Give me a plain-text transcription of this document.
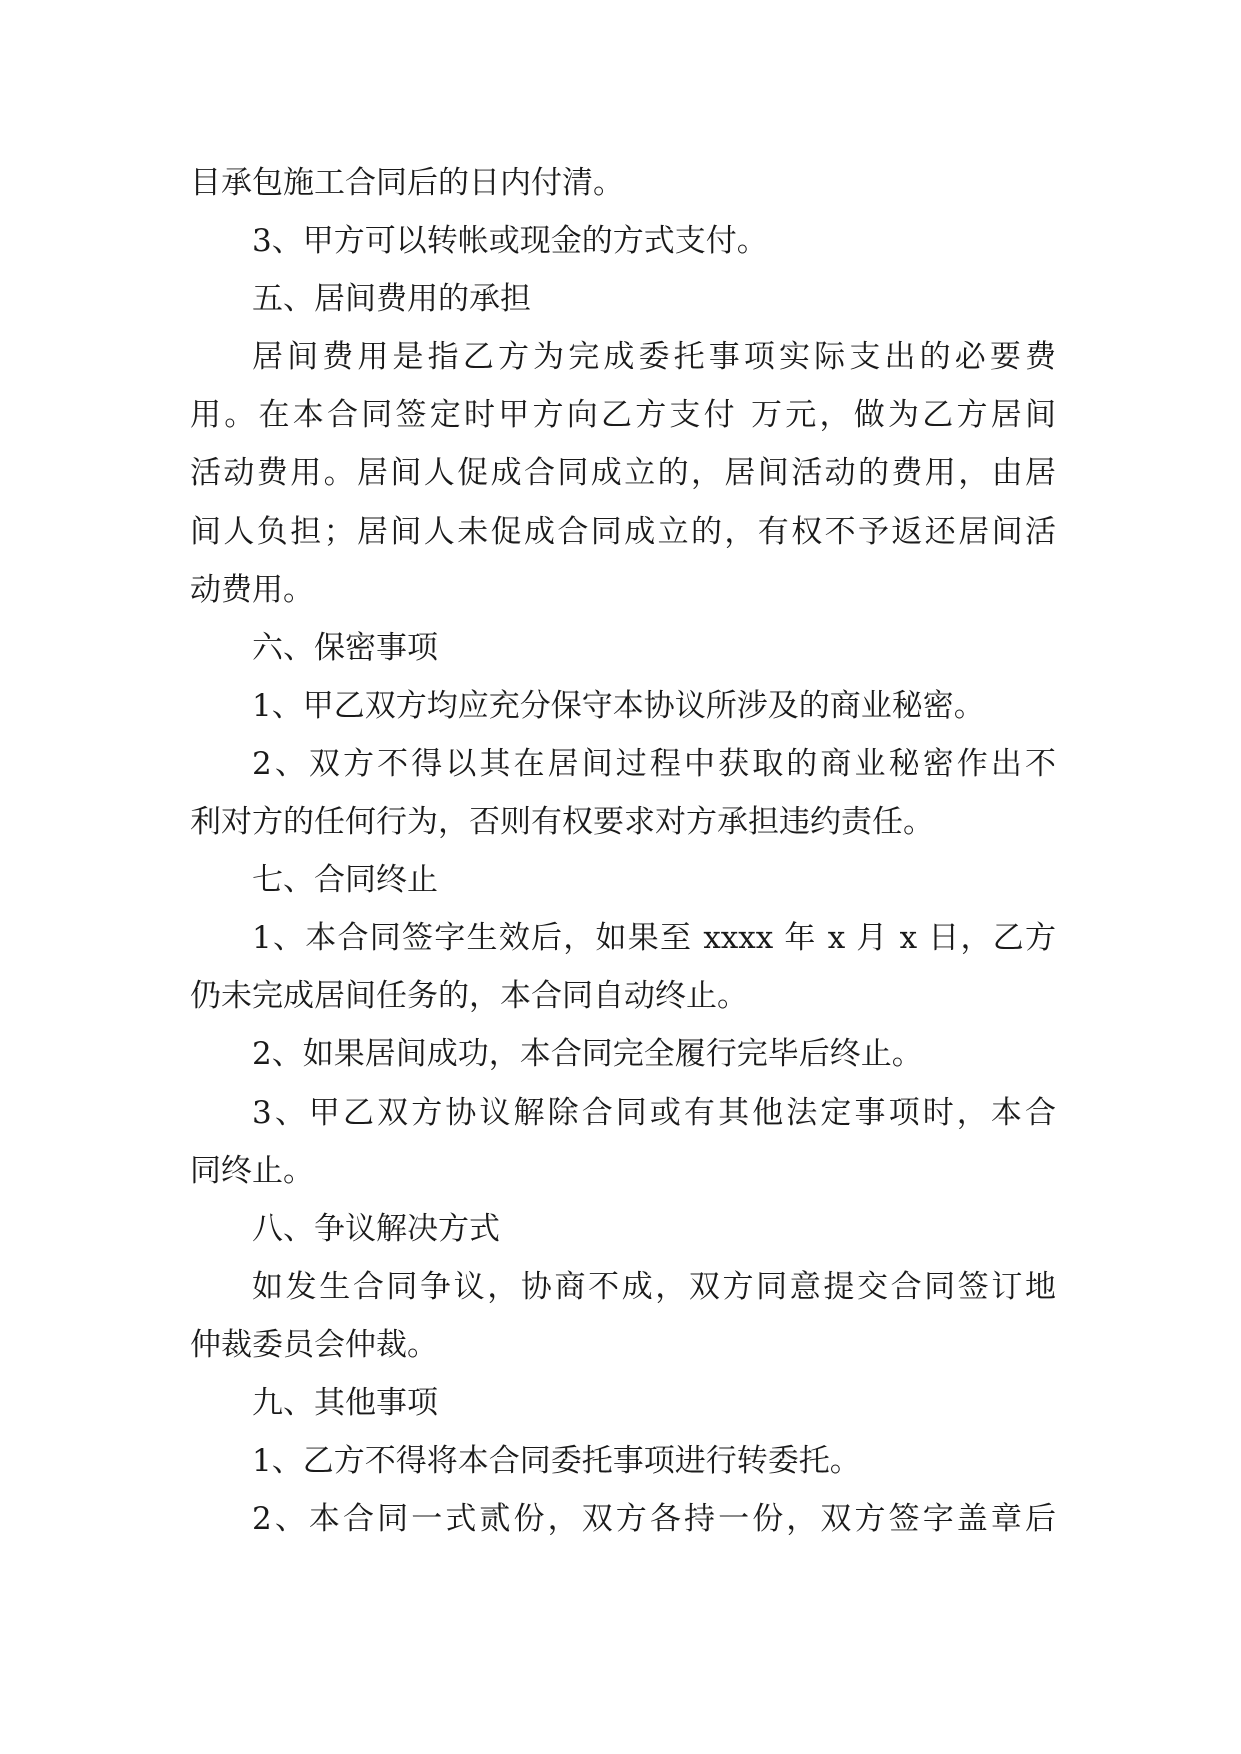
目承包施工合同后的日内付清。
3、甲方可以转帐或现金的方式支付。
五、居间费用的承担
居间费用是指乙方为完成委托事项实际支出的必要费
用。在本合同签定时甲方向乙方支付 万元，做为乙方居间
活动费用。居间人促成合同成立的，居间活动的费用，由居
间人负担；居间人未促成合同成立的，有权不予返还居间活
动费用。
六、保密事项
1、甲乙双方均应充分保守本协议所涉及的商业秘密。
2、双方不得以其在居间过程中获取的商业秘密作出不
利对方的任何行为，否则有权要求对方承担违约责任。
七、合同终止
1、本合同签字生效后，如果至 xxxx 年 x 月 x 日，乙方
仍未完成居间任务的，本合同自动终止。
2、如果居间成功，本合同完全履行完毕后终止。
3、甲乙双方协议解除合同或有其他法定事项时，本合
同终止。
八、争议解决方式
如发生合同争议，协商不成，双方同意提交合同签订地
仲裁委员会仲裁。
九、其他事项
1、乙方不得将本合同委托事项进行转委托。
2、本合同一式贰份，双方各持一份，双方签字盖章后
